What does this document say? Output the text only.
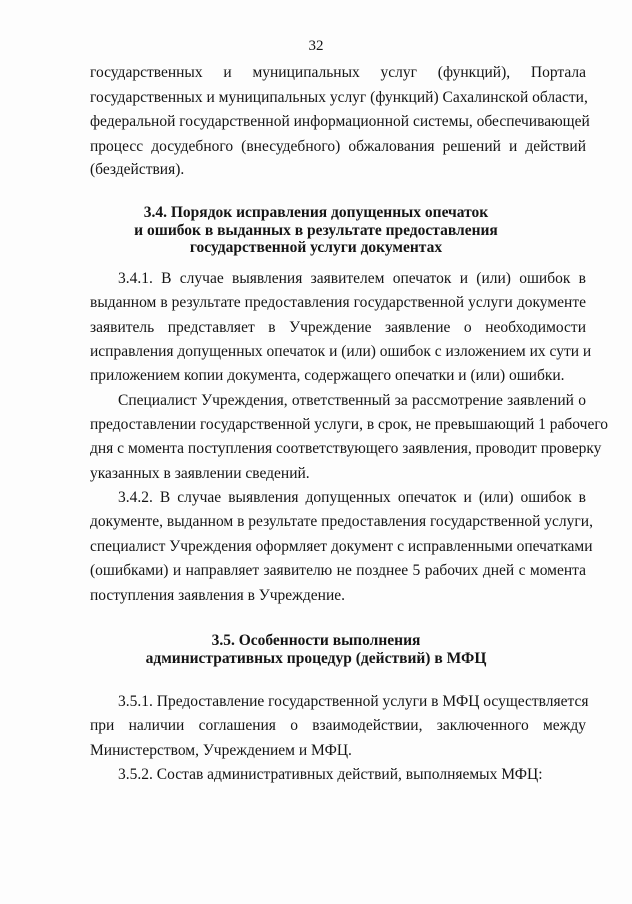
32
государственных и муниципальных услуг (функций), Портала
государственных и муниципальных услуг (функций) Сахалинской области,
федеральной государственной информационной системы, обеспечивающей
процесс досудебного (внесудебного) обжалования решений и действий
(бездействия).
3.4. Порядок исправления допущенных опечаток
и ошибок в выданных в результате предоставления
государственной услуги документах
3.4.1. В случае выявления заявителем опечаток и (или) ошибок в
выданном в результате предоставления государственной услуги документе
заявитель представляет в Учреждение заявление о необходимости
исправления допущенных опечаток и (или) ошибок с изложением их сути и
приложением копии документа, содержащего опечатки и (или) ошибки.
Специалист Учреждения, ответственный за рассмотрение заявлений о
предоставлении государственной услуги, в срок, не превышающий 1 рабочего
дня с момента поступления соответствующего заявления, проводит проверку
указанных в заявлении сведений.
3.4.2. В случае выявления допущенных опечаток и (или) ошибок в
документе, выданном в результате предоставления государственной услуги,
специалист Учреждения оформляет документ с исправленными опечатками
(ошибками) и направляет заявителю не позднее 5 рабочих дней с момента
поступления заявления в Учреждение.
3.5. Особенности выполнения
административных процедур (действий) в МФЦ
3.5.1. Предоставление государственной услуги в МФЦ осуществляется
при наличии соглашения о взаимодействии, заключенного между
Министерством, Учреждением и МФЦ.
3.5.2. Состав административных действий, выполняемых МФЦ:
